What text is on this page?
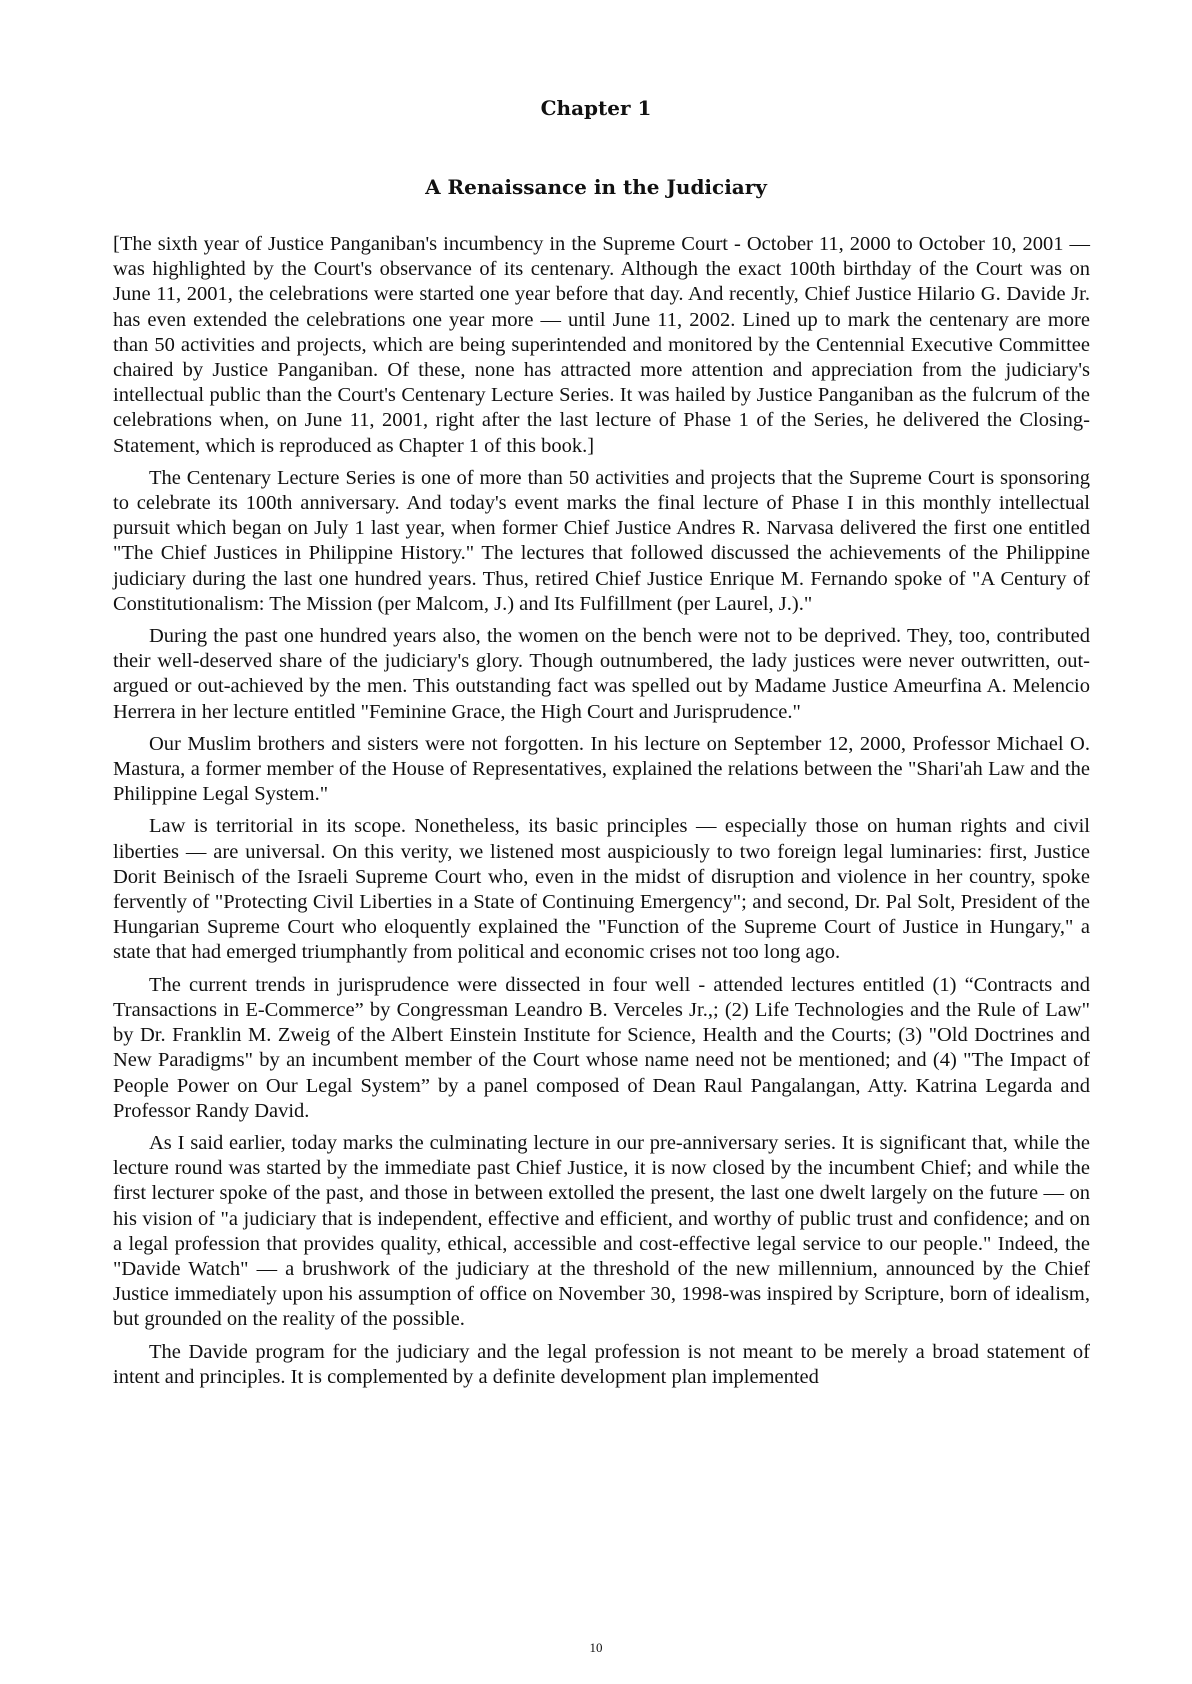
Chapter 1
A Renaissance in the Judiciary

[The sixth year of Justice Panganiban's incumbency in the Supreme Court - October 11, 2000 to October 10, 2001 — was highlighted by the Court's observance of its centenary. Although the exact 100th birthday of the Court was on June 11, 2001, the celebrations were started one year before that day. And recently, Chief Justice Hilario G. Davide Jr. has even extended the celebrations one year more — until June 11, 2002. Lined up to mark the centenary are more than 50 activities and projects, which are being superintended and monitored by the Centennial Executive Committee chaired by Justice Panganiban. Of these, none has attracted more attention and appreciation from the judiciary's intellectual public than the Court's Centenary Lecture Series. It was hailed by Justice Panganiban as the fulcrum of the celebrations when, on June 11, 2001, right after the last lecture of Phase 1 of the Series, he delivered the Closing-Statement, which is reproduced as Chapter 1 of this book.]

The Centenary Lecture Series is one of more than 50 activities and projects that the Supreme Court is sponsoring to celebrate its 100th anniversary. And today's event marks the final lecture of Phase I in this monthly intellectual pursuit which began on July 1 last year, when former Chief Justice Andres R. Narvasa delivered the first one entitled "The Chief Justices in Philippine History." The lectures that followed discussed the achievements of the Philippine judiciary during the last one hundred years. Thus, retired Chief Justice Enrique M. Fernando spoke of "A Century of Constitutionalism: The Mission (per Malcom, J.) and Its Fulfillment (per Laurel, J.)."

During the past one hundred years also, the women on the bench were not to be deprived. They, too, contributed their well-deserved share of the judiciary's glory. Though outnumbered, the lady justices were never outwritten, out-argued or out-achieved by the men. This outstanding fact was spelled out by Madame Justice Ameurfina A. Melencio Herrera in her lecture entitled "Feminine Grace, the High Court and Jurisprudence."

Our Muslim brothers and sisters were not forgotten. In his lecture on September 12, 2000, Professor Michael O. Mastura, a former member of the House of Representatives, explained the relations between the "Shari'ah Law and the Philippine Legal System."

Law is territorial in its scope. Nonetheless, its basic principles — especially those on human rights and civil liberties — are universal. On this verity, we listened most auspiciously to two foreign legal luminaries: first, Justice Dorit Beinisch of the Israeli Supreme Court who, even in the midst of disruption and violence in her country, spoke fervently of "Protecting Civil Liberties in a State of Continuing Emergency"; and second, Dr. Pal Solt, President of the Hungarian Supreme Court who eloquently explained the "Function of the Supreme Court of Justice in Hungary," a state that had emerged triumphantly from political and economic crises not too long ago.

The current trends in jurisprudence were dissected in four well - attended lectures entitled (1) “Contracts and Transactions in E-Commerce” by Congressman Leandro B. Verceles Jr.,; (2) Life Technologies and the Rule of Law" by Dr. Franklin M. Zweig of the Albert Einstein Institute for Science, Health and the Courts; (3) "Old Doctrines and New Paradigms" by an incumbent member of the Court whose name need not be mentioned; and (4) "The Impact of People Power on Our Legal System” by a panel composed of Dean Raul Pangalangan, Atty. Katrina Legarda and Professor Randy David.

As I said earlier, today marks the culminating lecture in our pre-anniversary series. It is significant that, while the lecture round was started by the immediate past Chief Justice, it is now closed by the incumbent Chief; and while the first lecturer spoke of the past, and those in between extolled the present, the last one dwelt largely on the future — on his vision of "a judiciary that is independent, effective and efficient, and worthy of public trust and confidence; and on a legal profession that provides quality, ethical, accessible and cost-effective legal service to our people." Indeed, the "Davide Watch" — a brushwork of the judiciary at the threshold of the new millennium, announced by the Chief Justice immediately upon his assumption of office on November 30, 1998-was inspired by Scripture, born of idealism, but grounded on the reality of the possible.

The Davide program for the judiciary and the legal profession is not meant to be merely a broad statement of intent and principles. It is complemented by a definite development plan implemented

10
